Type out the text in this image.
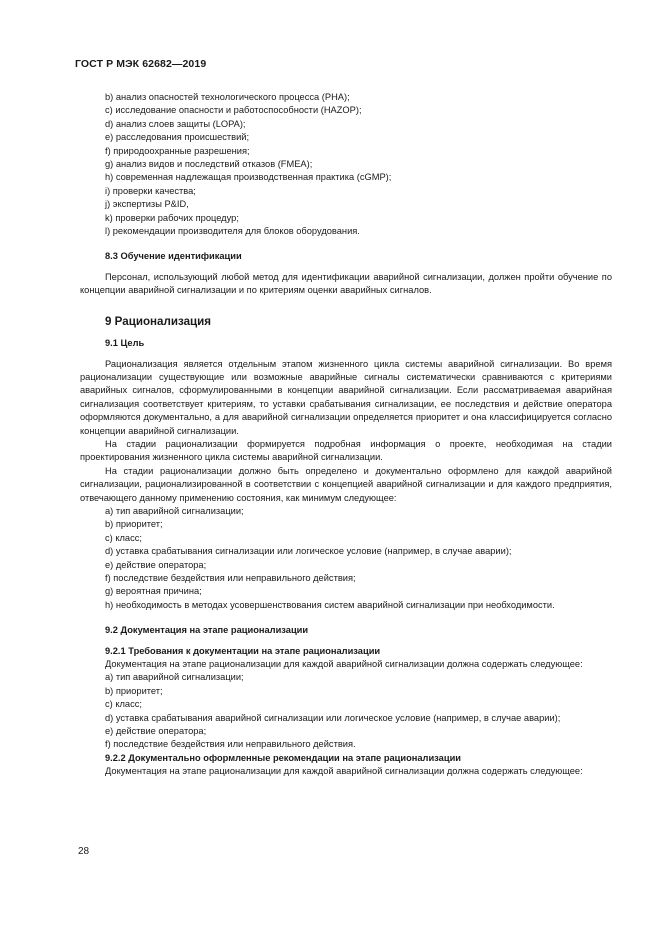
ГОСТ Р МЭК 62682—2019
b) анализ опасностей технологического процесса (PHA);
c) исследование опасности и работоспособности (HAZOP);
d) анализ слоев защиты (LOPA);
e) расследования происшествий;
f) природоохранные разрешения;
g) анализ видов и последствий отказов (FMEA);
h) современная надлежащая производственная практика (cGMP);
i) проверки качества;
j) экспертизы P&ID,
k) проверки рабочих процедур;
l) рекомендации производителя для блоков оборудования.
8.3 Обучение идентификации
Персонал, использующий любой метод для идентификации аварийной сигнализации, должен пройти обучение по концепции аварийной сигнализации и по критериям оценки аварийных сигналов.
9 Рационализация
9.1 Цель
Рационализация является отдельным этапом жизненного цикла системы аварийной сигнализации. Во время рационализации существующие или возможные аварийные сигналы систематически сравниваются с критериями аварийных сигналов, сформулированными в концепции аварийной сигнализации. Если рассматриваемая аварийная сигнализация соответствует критериям, то уставки срабатывания сигнализации, ее последствия и действие оператора оформляются документально, а для аварийной сигнализации определяется приоритет и она классифицируется согласно концепции аварийной сигнализации.
На стадии рационализации формируется подробная информация о проекте, необходимая на стадии проектирования жизненного цикла системы аварийной сигнализации.
На стадии рационализации должно быть определено и документально оформлено для каждой аварийной сигнализации, рационализированной в соответствии с концепцией аварийной сигнализации и для каждого предприятия, отвечающего данному применению состояния, как минимум следующее:
a) тип аварийной сигнализации;
b) приоритет;
c) класс;
d) уставка срабатывания сигнализации или логическое условие (например, в случае аварии);
e) действие оператора;
f) последствие бездействия или неправильного действия;
g) вероятная причина;
h) необходимость в методах усовершенствования систем аварийной сигнализации при необходимости.
9.2 Документация на этапе рационализации
9.2.1 Требования к документации на этапе рационализации
Документация на этапе рационализации для каждой аварийной сигнализации должна содержать следующее:
a) тип аварийной сигнализации;
b) приоритет;
c) класс;
d) уставка срабатывания аварийной сигнализации или логическое условие (например, в случае аварии);
e) действие оператора;
f) последствие бездействия или неправильного действия.
9.2.2 Документально оформленные рекомендации на этапе рационализации
Документация на этапе рационализации для каждой аварийной сигнализации должна содержать следующее:
28
